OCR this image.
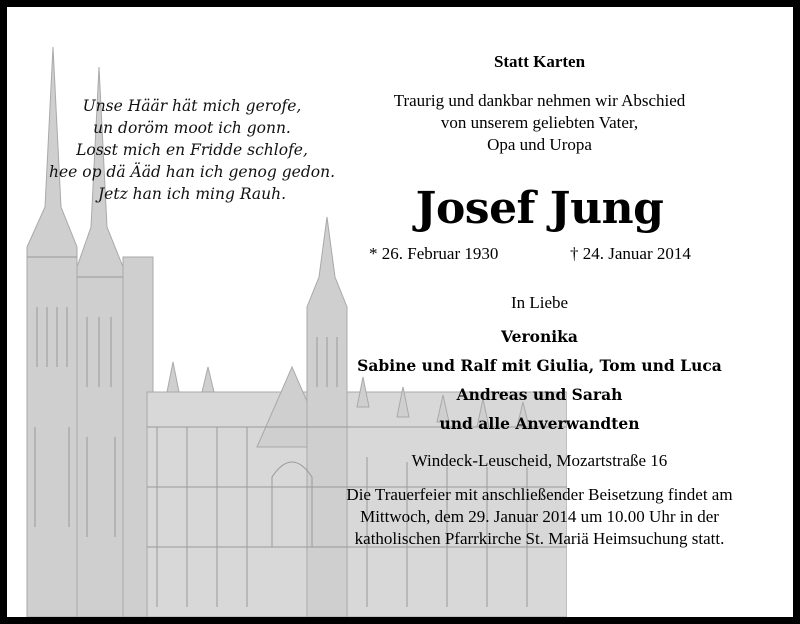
Unse Häär hät mich gerofe,
un doröm moot ich gonn.
Losst mich en Fridde schlofe,
hee op dä Ääd han ich genog gedon.
Jetz han ich ming Rauh.
Statt Karten
Traurig und dankbar nehmen wir Abschied
von unserem geliebten Vater,
Opa und Uropa
Josef Jung
* 26. Februar 1930	† 24. Januar 2014
In Liebe
Veronika
Sabine und Ralf mit Giulia, Tom und Luca
Andreas und Sarah
und alle Anverwandten
Windeck-Leuscheid, Mozartstraße 16
Die Trauerfeier mit anschließender Beisetzung findet am
Mittwoch, dem 29. Januar 2014 um 10.00 Uhr in der
katholischen Pfarrkirche St. Mariä Heimsuchung statt.
